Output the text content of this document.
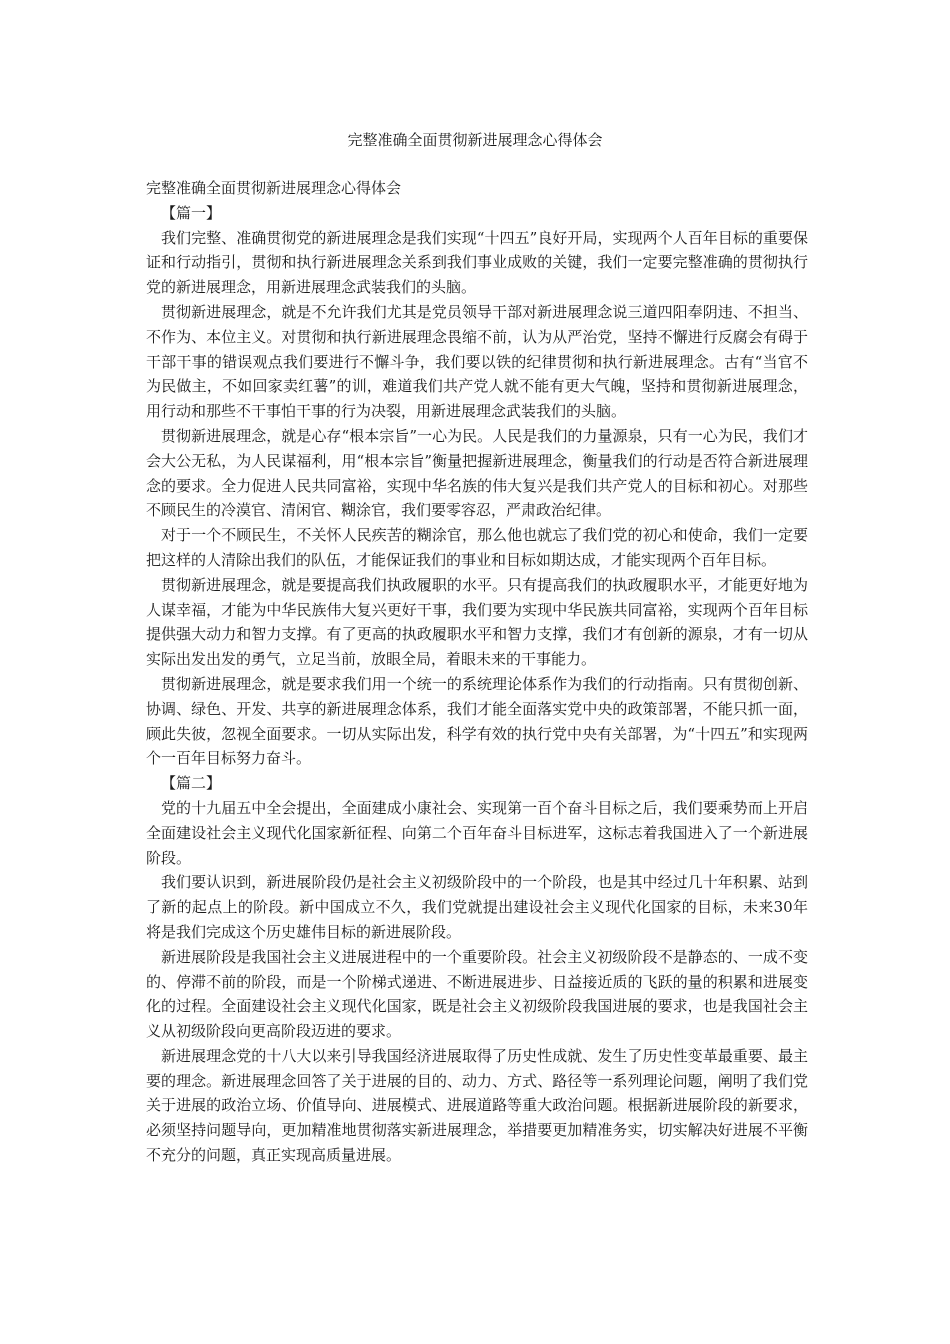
完整准确全面贯彻新进展理念心得体会

完整准确全面贯彻新进展理念心得体会

【篇一】

我们完整、准确贯彻党的新进展理念是我们实现“十四五”良好开局，实现两个人百年目标的重要保证和行动指引，贯彻和执行新进展理念关系到我们事业成败的关键，我们一定要完整准确的贯彻执行党的新进展理念，用新进展理念武装我们的头脑。

贯彻新进展理念，就是不允许我们尤其是党员领导干部对新进展理念说三道四阳奉阴违、不担当、不作为、本位主义。对贯彻和执行新进展理念畏缩不前，认为从严治党，坚持不懈进行反腐会有碍于干部干事的错误观点我们要进行不懈斗争，我们要以铁的纪律贯彻和执行新进展理念。古有“当官不为民做主，不如回家卖红薯”的训，难道我们共产党人就不能有更大气魄，坚持和贯彻新进展理念，用行动和那些不干事怕干事的行为决裂，用新进展理念武装我们的头脑。

贯彻新进展理念，就是心存“根本宗旨”一心为民。人民是我们的力量源泉，只有一心为民，我们才会大公无私，为人民谋福利，用“根本宗旨”衡量把握新进展理念，衡量我们的行动是否符合新进展理念的要求。全力促进人民共同富裕，实现中华名族的伟大复兴是我们共产党人的目标和初心。对那些不顾民生的冷漠官、清闲官、糊涂官，我们要零容忍，严肃政治纪律。

对于一个不顾民生，不关怀人民疾苦的糊涂官，那么他也就忘了我们党的初心和使命，我们一定要把这样的人清除出我们的队伍，才能保证我们的事业和目标如期达成，才能实现两个百年目标。

贯彻新进展理念，就是要提高我们执政履职的水平。只有提高我们的执政履职水平，才能更好地为人谋幸福，才能为中华民族伟大复兴更好干事，我们要为实现中华民族共同富裕，实现两个百年目标提供强大动力和智力支撑。有了更高的执政履职水平和智力支撑，我们才有创新的源泉，才有一切从实际出发出发的勇气，立足当前，放眼全局，着眼未来的干事能力。

贯彻新进展理念，就是要求我们用一个统一的系统理论体系作为我们的行动指南。只有贯彻创新、协调、绿色、开发、共享的新进展理念体系，我们才能全面落实党中央的政策部署，不能只抓一面，顾此失彼，忽视全面要求。一切从实际出发，科学有效的执行党中央有关部署，为“十四五”和实现两个一百年目标努力奋斗。

【篇二】

党的十九届五中全会提出，全面建成小康社会、实现第一百个奋斗目标之后，我们要乘势而上开启全面建设社会主义现代化国家新征程、向第二个百年奋斗目标进军，这标志着我国进入了一个新进展阶段。

我们要认识到，新进展阶段仍是社会主义初级阶段中的一个阶段，也是其中经过几十年积累、站到了新的起点上的阶段。新中国成立不久，我们党就提出建设社会主义现代化国家的目标，未来30年将是我们完成这个历史雄伟目标的新进展阶段。

新进展阶段是我国社会主义进展进程中的一个重要阶段。社会主义初级阶段不是静态的、一成不变的、停滞不前的阶段，而是一个阶梯式递进、不断进展进步、日益接近质的飞跃的量的积累和进展变化的过程。全面建设社会主义现代化国家，既是社会主义初级阶段我国进展的要求，也是我国社会主义从初级阶段向更高阶段迈进的要求。

新进展理念党的十八大以来引导我国经济进展取得了历史性成就、发生了历史性变革最重要、最主要的理念。新进展理念回答了关于进展的目的、动力、方式、路径等一系列理论问题，阐明了我们党关于进展的政治立场、价值导向、进展模式、进展道路等重大政治问题。根据新进展阶段的新要求，必须坚持问题导向，更加精准地贯彻落实新进展理念，举措要更加精准务实，切实解决好进展不平衡不充分的问题，真正实现高质量进展。
